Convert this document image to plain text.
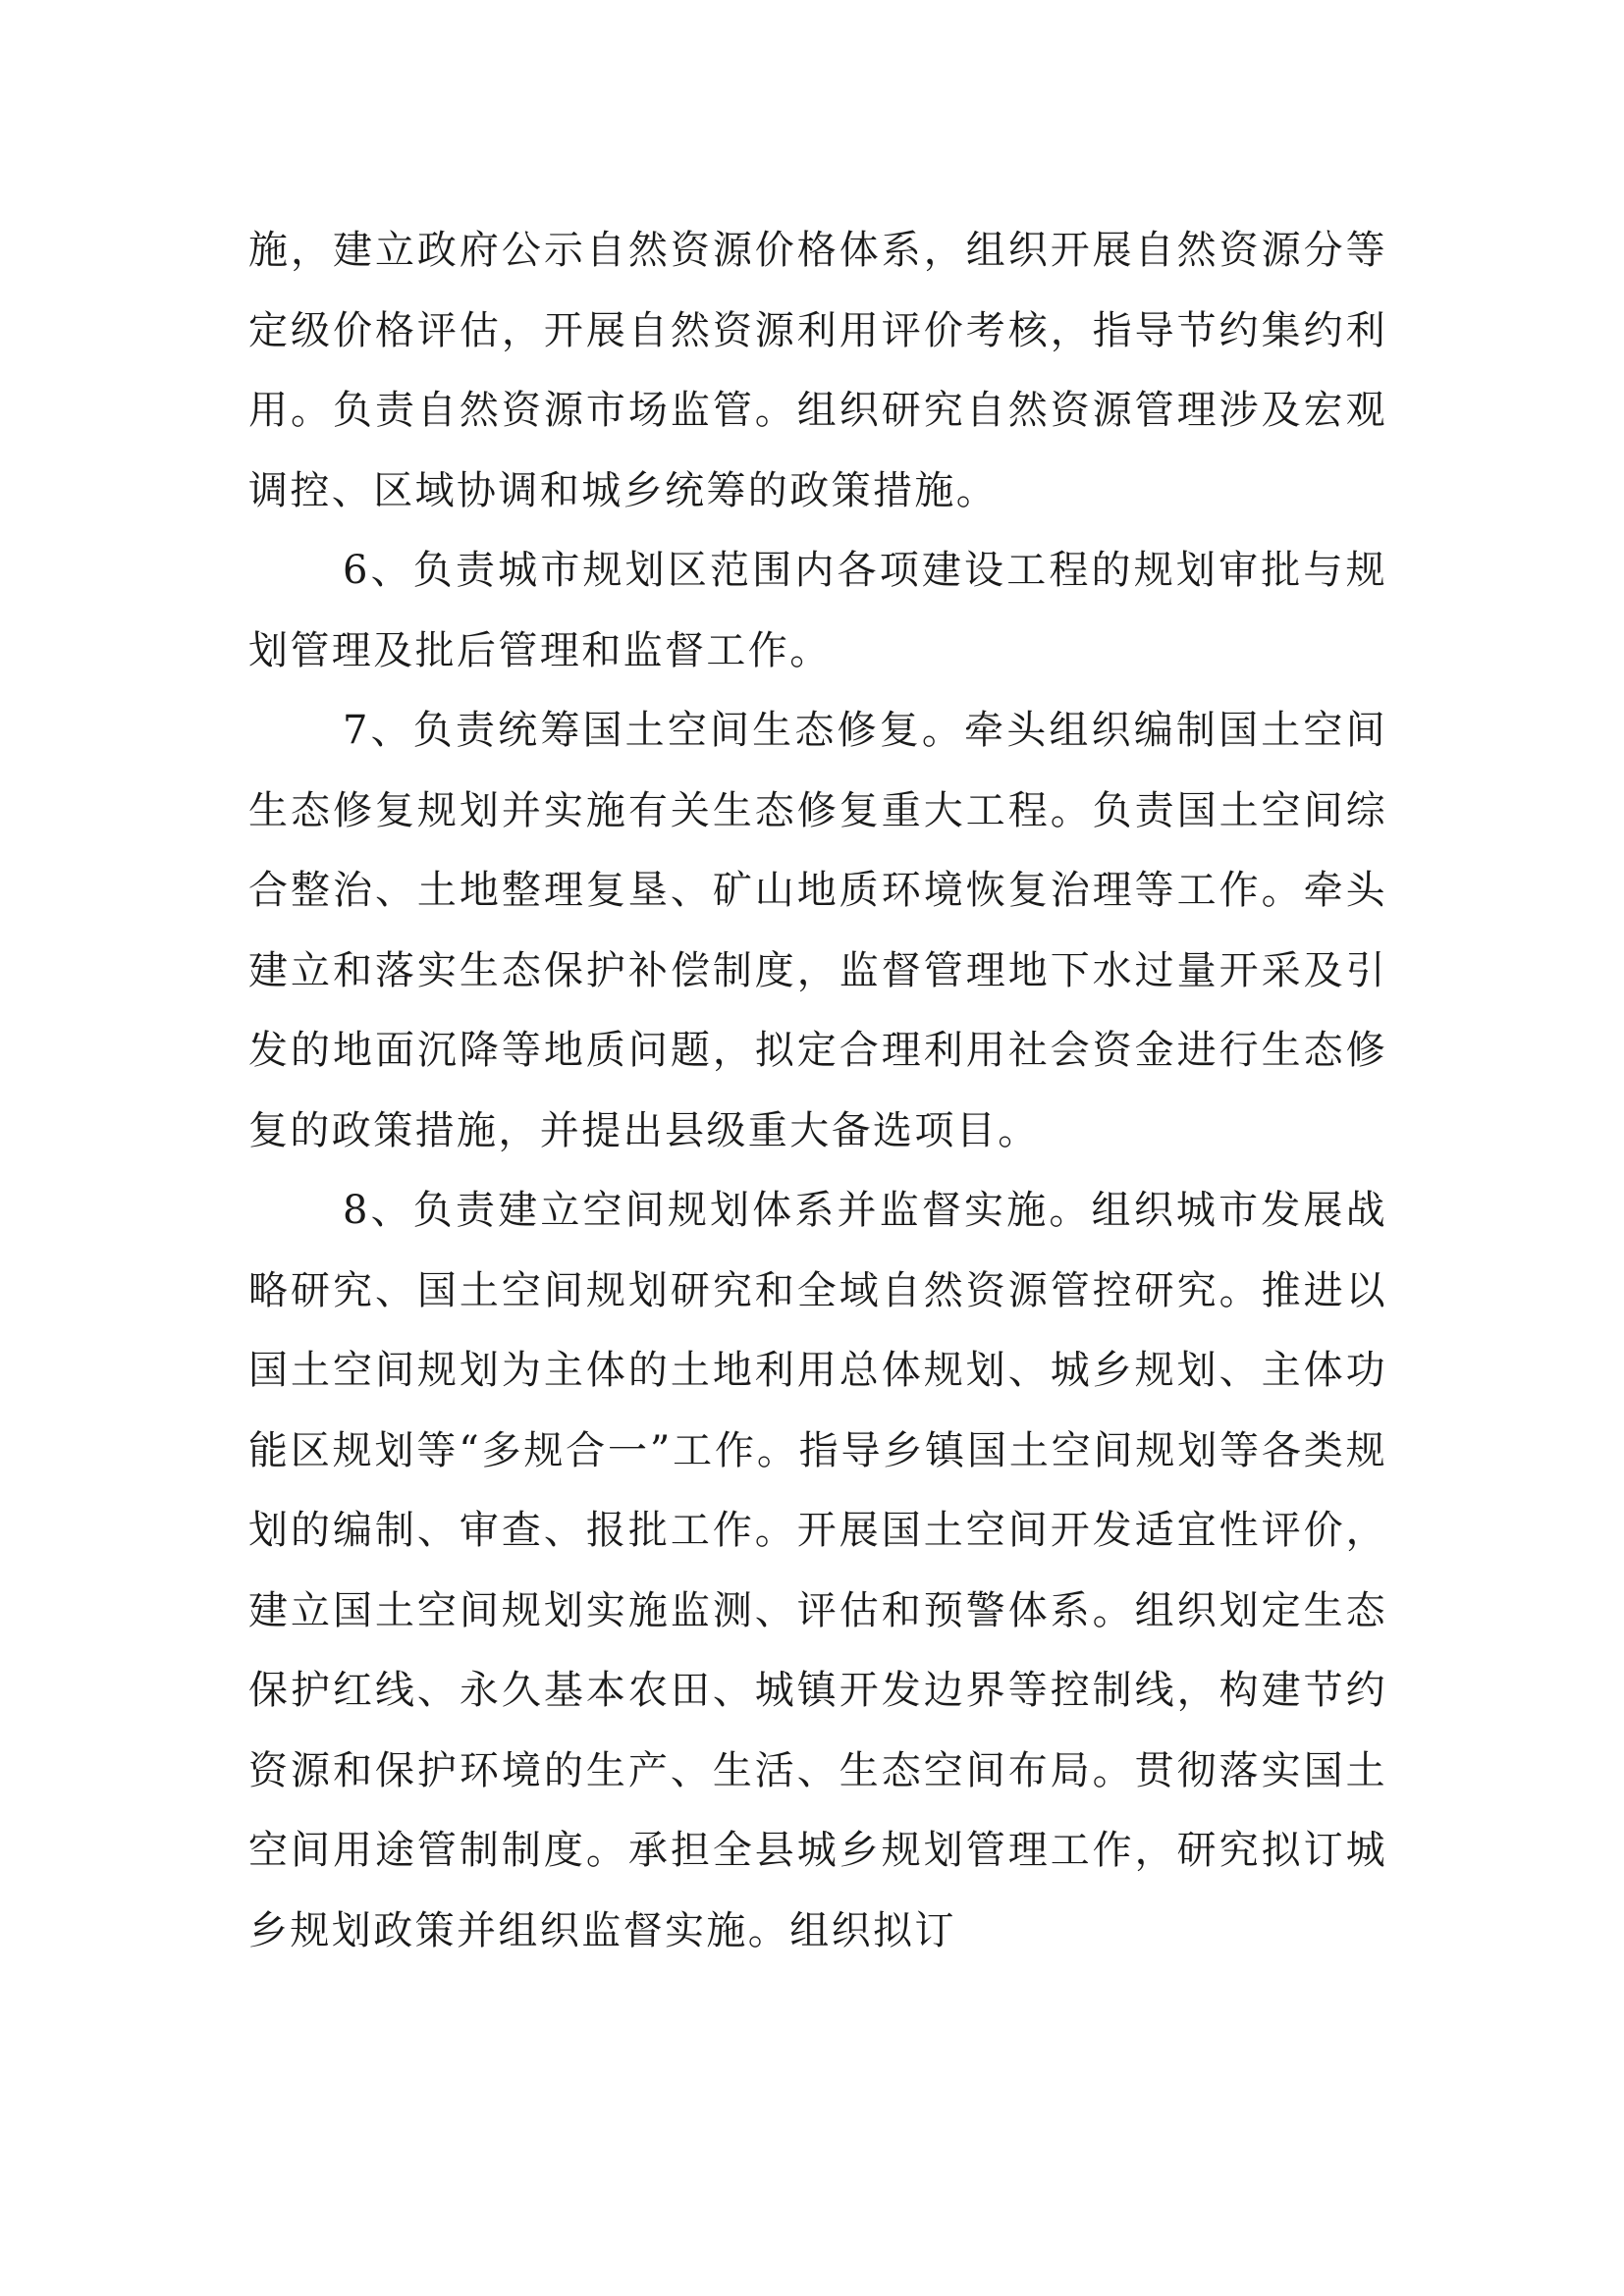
施，建立政府公示自然资源价格体系，组织开展自然资源分等定级价格评估，开展自然资源利用评价考核，指导节约集约利用。负责自然资源市场监管。组织研究自然资源管理涉及宏观调控、区域协调和城乡统筹的政策措施。

6、负责城市规划区范围内各项建设工程的规划审批与规划管理及批后管理和监督工作。

7、负责统筹国土空间生态修复。牵头组织编制国土空间生态修复规划并实施有关生态修复重大工程。负责国土空间综合整治、土地整理复垦、矿山地质环境恢复治理等工作。牵头建立和落实生态保护补偿制度，监督管理地下水过量开采及引发的地面沉降等地质问题，拟定合理利用社会资金进行生态修复的政策措施，并提出县级重大备选项目。

8、负责建立空间规划体系并监督实施。组织城市发展战略研究、国土空间规划研究和全域自然资源管控研究。推进以国土空间规划为主体的土地利用总体规划、城乡规划、主体功能区规划等“多规合一”工作。指导乡镇国土空间规划等各类规划的编制、审查、报批工作。开展国土空间开发适宜性评价，建立国土空间规划实施监测、评估和预警体系。组织划定生态保护红线、永久基本农田、城镇开发边界等控制线，构建节约资源和保护环境的生产、生活、生态空间布局。贯彻落实国土空间用途管制制度。承担全县城乡规划管理工作，研究拟订城乡规划政策并组织监督实施。组织拟订
